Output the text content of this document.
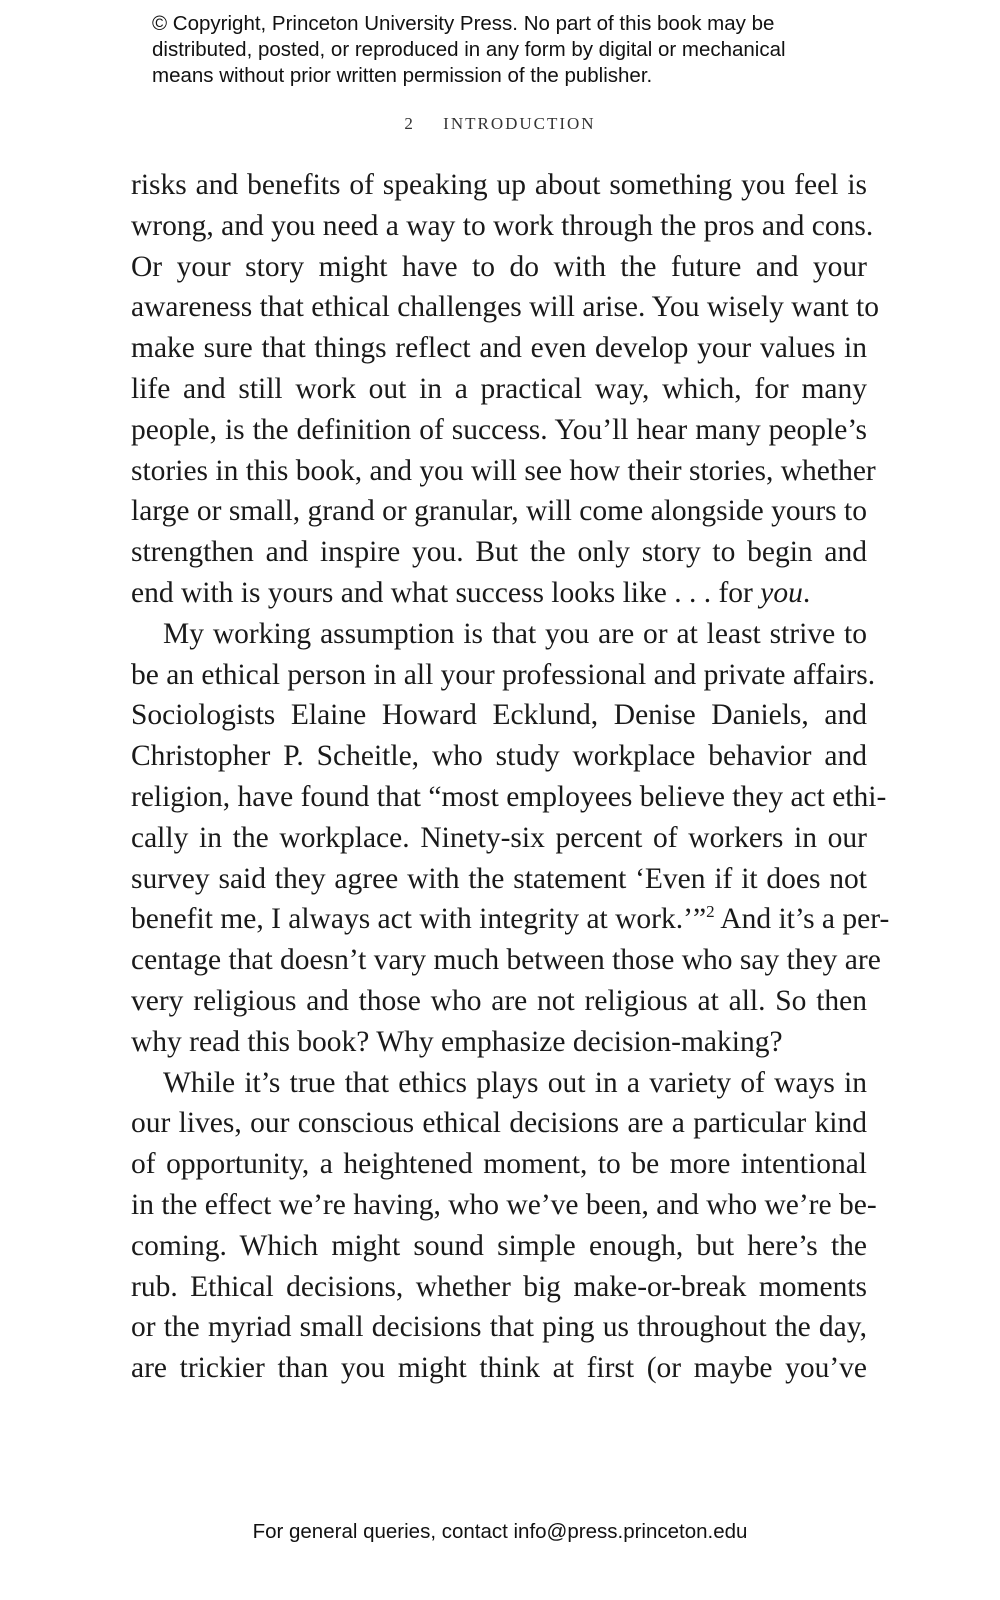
© Copyright, Princeton University Press. No part of this book may be
distributed, posted, or reproduced in any form by digital or mechanical
means without prior written permission of the publisher.
2 INTRODUCTION
risks and benefits of speaking up about something you feel is
wrong, and you need a way to work through the pros and cons.
Or your story might have to do with the future and your
awareness that ethical challenges will arise. You wisely want to
make sure that things reflect and even develop your values in
life and still work out in a practical way, which, for many
people, is the definition of success. You’ll hear many people’s
stories in this book, and you will see how their stories, whether
large or small, grand or granular, will come alongside yours to
strengthen and inspire you. But the only story to begin and
end with is yours and what success looks like . . . for you.
My working assumption is that you are or at least strive to
be an ethical person in all your professional and private affairs.
Sociologists Elaine Howard Ecklund, Denise Daniels, and
Christopher P. Scheitle, who study workplace behavior and
religion, have found that “most employees believe they act ethi-
cally in the workplace. Ninety-six percent of workers in our
survey said they agree with the statement ‘Even if it does not
benefit me, I always act with integrity at work.’”$^2$ And it’s a per-
centage that doesn’t vary much between those who say they are
very religious and those who are not religious at all. So then
why read this book? Why emphasize decision-making?
While it’s true that ethics plays out in a variety of ways in
our lives, our conscious ethical decisions are a particular kind
of opportunity, a heightened moment, to be more intentional
in the effect we’re having, who we’ve been, and who we’re be-
coming. Which might sound simple enough, but here’s the
rub. Ethical decisions, whether big make-or-break moments
or the myriad small decisions that ping us throughout the day,
are trickier than you might think at first (or maybe you’ve
For general queries, contact info@press.princeton.edu
